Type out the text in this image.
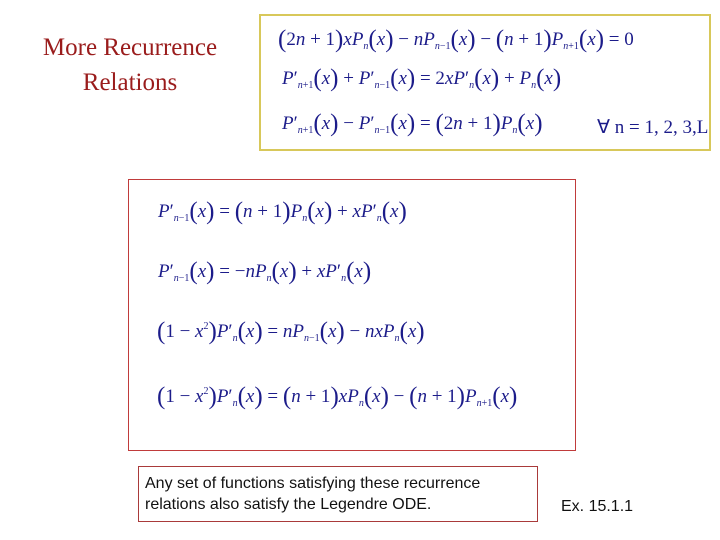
More Recurrence
Relations
$(2n + 1)xP_n(x) - nP_{n-1}(x) - (n + 1)P_{n+1}(x) = 0$
$P'_{n+1}(x) + P'_{n-1}(x) = 2xP'_n(x) + P_n(x)$
$P'_{n+1}(x) - P'_{n-1}(x) = (2n + 1)P_n(x)$	∀ n = 1, 2, 3,L
$P'_{n-1}(x) = (n + 1)P_n(x) + xP'_n(x)$
$P'_{n-1}(x) = -nP_n(x) + xP'_n(x)$
$(1 - x^2)P'_n(x) = nP_{n-1}(x) - nxP_n(x)$
$(1 - x^2)P'_n(x) = (n + 1)xP_n(x) - (n + 1)P_{n+1}(x)$
Any set of functions satisfying these recurrence
relations also satisfy the Legendre ODE.	Ex. 15.1.1
